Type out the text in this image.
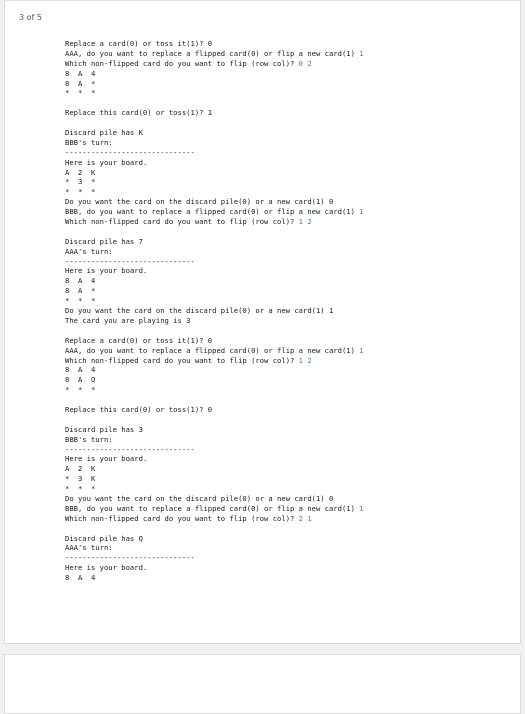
3 of 5
Replace a card(0) or toss it(1)? 0
AAA, do you want to replace a flipped card(0) or flip a new card(1) 1
Which non-flipped card do you want to flip (row col)? 0 2
8  A  4
8  A  *
*  *  *
Replace this card(0) or toss(1)? 1
Discard pile has K
BBB's turn:
------------------------------
Here is your board.
A  2  K
*  3  *
*  *  *
Do you want the card on the discard pile(0) or a new card(1) 0
BBB, do you want to replace a flipped card(0) or flip a new card(1) 1
Which non-flipped card do you want to flip (row col)? 1 2
Discard pile has 7
AAA's turn:
------------------------------
Here is your board.
8  A  4
8  A  *
*  *  *
Do you want the card on the discard pile(0) or a new card(1) 1
The card you are playing is 3
Replace a card(0) or toss it(1)? 0
AAA, do you want to replace a flipped card(0) or flip a new card(1) 1
Which non-flipped card do you want to flip (row col)? 1 2
8  A  4
8  A  Q
*  *  *
Replace this card(0) or toss(1)? 0
Discard pile has 3
BBB's turn:
------------------------------
Here is your board.
A  2  K
*  3  K
*  *  *
Do you want the card on the discard pile(0) or a new card(1) 0
BBB, do you want to replace a flipped card(0) or flip a new card(1) 1
Which non-flipped card do you want to flip (row col)? 2 1
Discard pile has Q
AAA's turn:
------------------------------
Here is your board.
8  A  4
